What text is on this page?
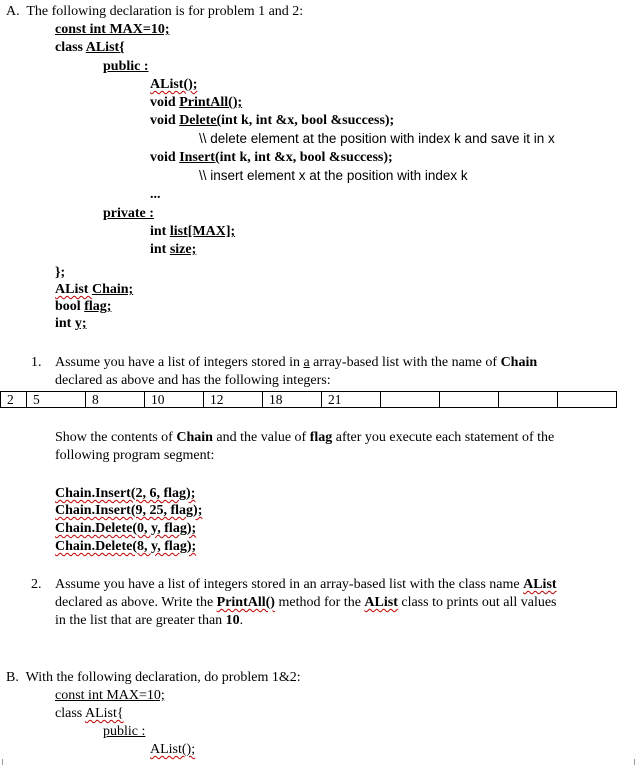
A. The following declaration is for problem 1 and 2:
const int MAX=10;
class AList{
public :
AList();
void PrintAll();
void Delete(int k, int &x, bool &success);
\\ delete element at the position with index k and save it in x
void Insert(int k, int &x, bool &success);
\\ insert element x at the position with index k
...
private :
int list[MAX];
int size;
};
AList Chain;
bool flag;
int y;
1. Assume you have a list of integers stored in a array-based list with the name of Chain
declared as above and has the following integers:
2	5	8	10	12	18	21				
Show the contents of Chain and the value of flag after you execute each statement of the
following program segment:
Chain.Insert(2, 6, flag);
Chain.Insert(9, 25, flag);
Chain.Delete(0, y, flag);
Chain.Delete(8, y, flag);
2. Assume you have a list of integers stored in an array-based list with the class name AList
declared as above. Write the PrintAll() method for the AList class to prints out all values
in the list that are greater than 10.
B. With the following declaration, do problem 1&2:
const int MAX=10;
class AList{
public :
AList();
